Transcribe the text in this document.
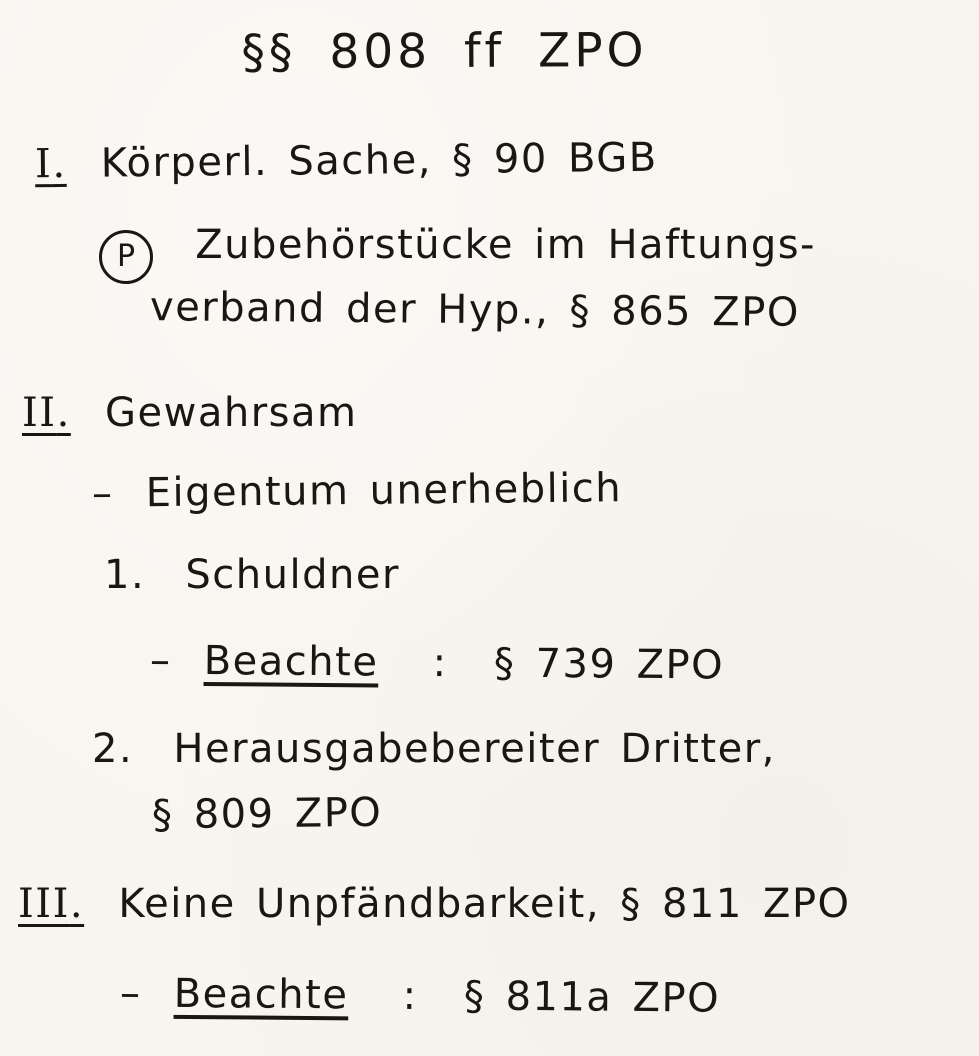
§§ 808 ff ZPO
I. Körperl. Sache, § 90 BGB
P Zubehörstücke im Haftungs-
verband der Hyp., § 865 ZPO
II. Gewahrsam
– Eigentum unerheblich
1. Schuldner
– Beachte : § 739 ZPO
2. Herausgabebereiter Dritter,
§ 809 ZPO
III. Keine Unpfändbarkeit, § 811 ZPO
– Beachte : § 811a ZPO
